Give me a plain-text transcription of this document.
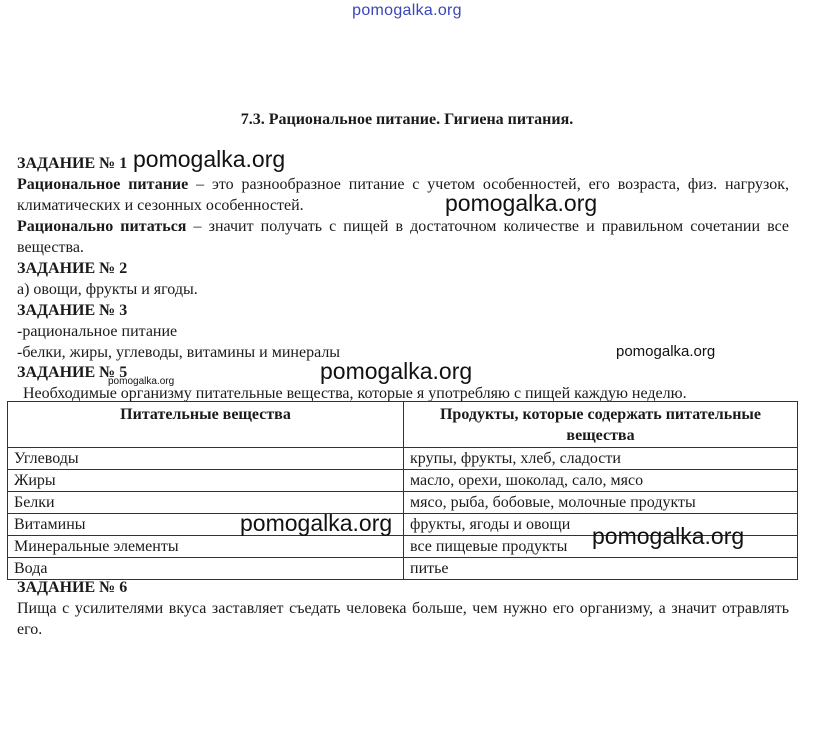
pomogalka.org
7.3. Рациональное питание. Гигиена питания.
ЗАДАНИЕ № 1
Рациональное питание – это разнообразное питание с учетом особенностей, его возраста, физ. нагрузок, климатических и сезонных особенностей.
Рационально питаться – значит получать с пищей в достаточном количестве и правильном сочетании все вещества.
ЗАДАНИЕ № 2
а) овощи, фрукты и ягоды.
ЗАДАНИЕ № 3
-рациональное питание
-белки, жиры, углеводы, витамины и минералы
ЗАДАНИЕ № 5
Необходимые организму питательные вещества, которые я употребляю с пищей каждую неделю.
Питательные вещества	Продукты, которые содержать питательные вещества
Углеводы	крупы, фрукты, хлеб, сладости
Жиры	масло, орехи, шоколад, сало, мясо
Белки	мясо, рыба, бобовые, молочные продукты
Витамины	фрукты, ягоды и овощи
Минеральные элементы	все пищевые продукты
Вода	питье
ЗАДАНИЕ № 6
Пища с усилителями вкуса заставляет съедать человека больше, чем нужно его организму, а значит отравлять его.
pomogalka.org
pomogalka.org
pomogalka.org
pomogalka.org
pomogalka.org
pomogalka.org	pomogalka.org
